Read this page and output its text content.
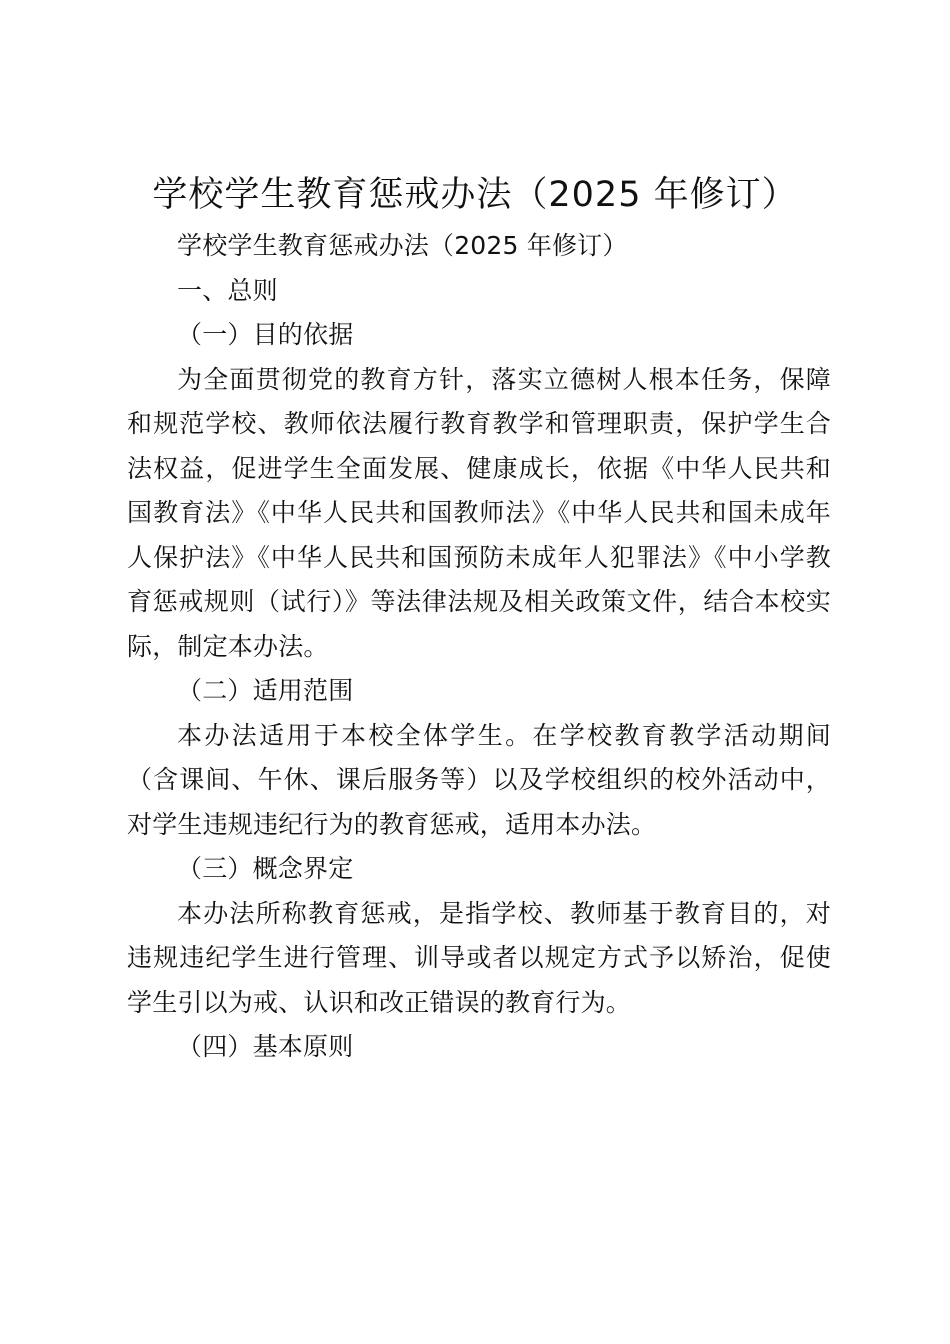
学校学生教育惩戒办法（2025 年修订）

学校学生教育惩戒办法（2025 年修订）

一、总则

（一）目的依据

为全面贯彻党的教育方针，落实立德树人根本任务，保障和规范学校、教师依法履行教育教学和管理职责，保护学生合法权益，促进学生全面发展、健康成长，依据《中华人民共和国教育法》《中华人民共和国教师法》《中华人民共和国未成年人保护法》《中华人民共和国预防未成年人犯罪法》《中小学教育惩戒规则（试行）》等法律法规及相关政策文件，结合本校实际，制定本办法。

（二）适用范围

本办法适用于本校全体学生。在学校教育教学活动期间（含课间、午休、课后服务等）以及学校组织的校外活动中，对学生违规违纪行为的教育惩戒，适用本办法。

（三）概念界定

本办法所称教育惩戒，是指学校、教师基于教育目的，对违规违纪学生进行管理、训导或者以规定方式予以矫治，促使学生引以为戒、认识和改正错误的教育行为。

（四）基本原则
